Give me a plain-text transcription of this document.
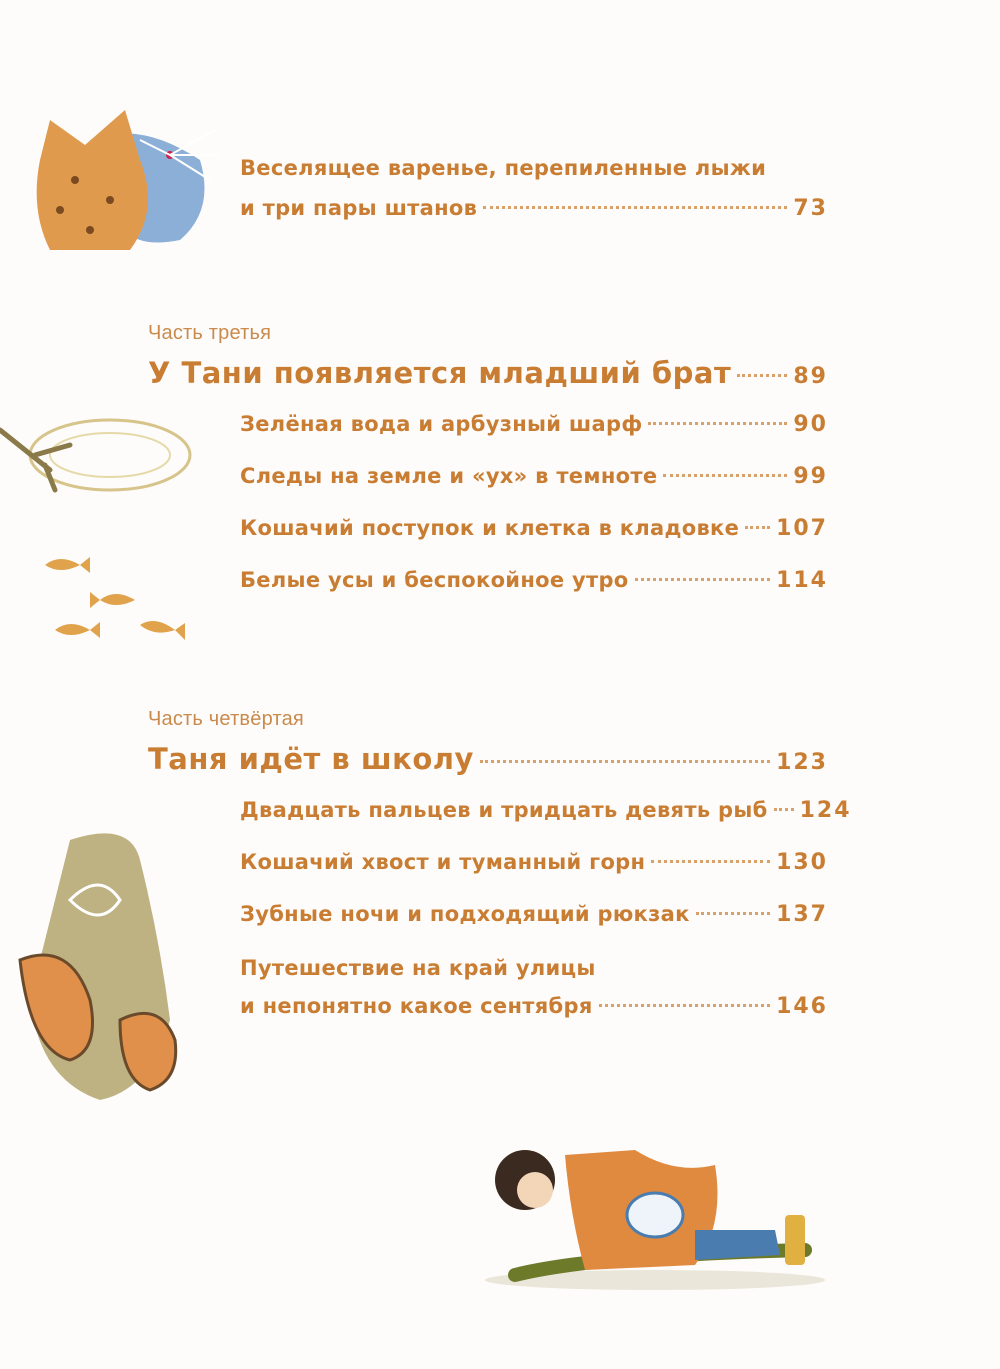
Веселящее варенье, перепиленные лыжи
и три пары штанов	73
Часть третья
У Тани появляется младший брат	89
Зелёная вода и арбузный шарф	90
Следы на земле и «ух» в темноте	99
Кошачий поступок и клетка в кладовке 107
Белые усы и беспокойное утро	114
Часть четвёртая
Таня идёт в школу	123
Двадцать пальцев и тридцать девять рыб 124
Кошачий хвост и туманный горн	130
Зубные ночи и подходящий рюкзак	137
Путешествие на край улицы
и непонятно какое сентября	146
